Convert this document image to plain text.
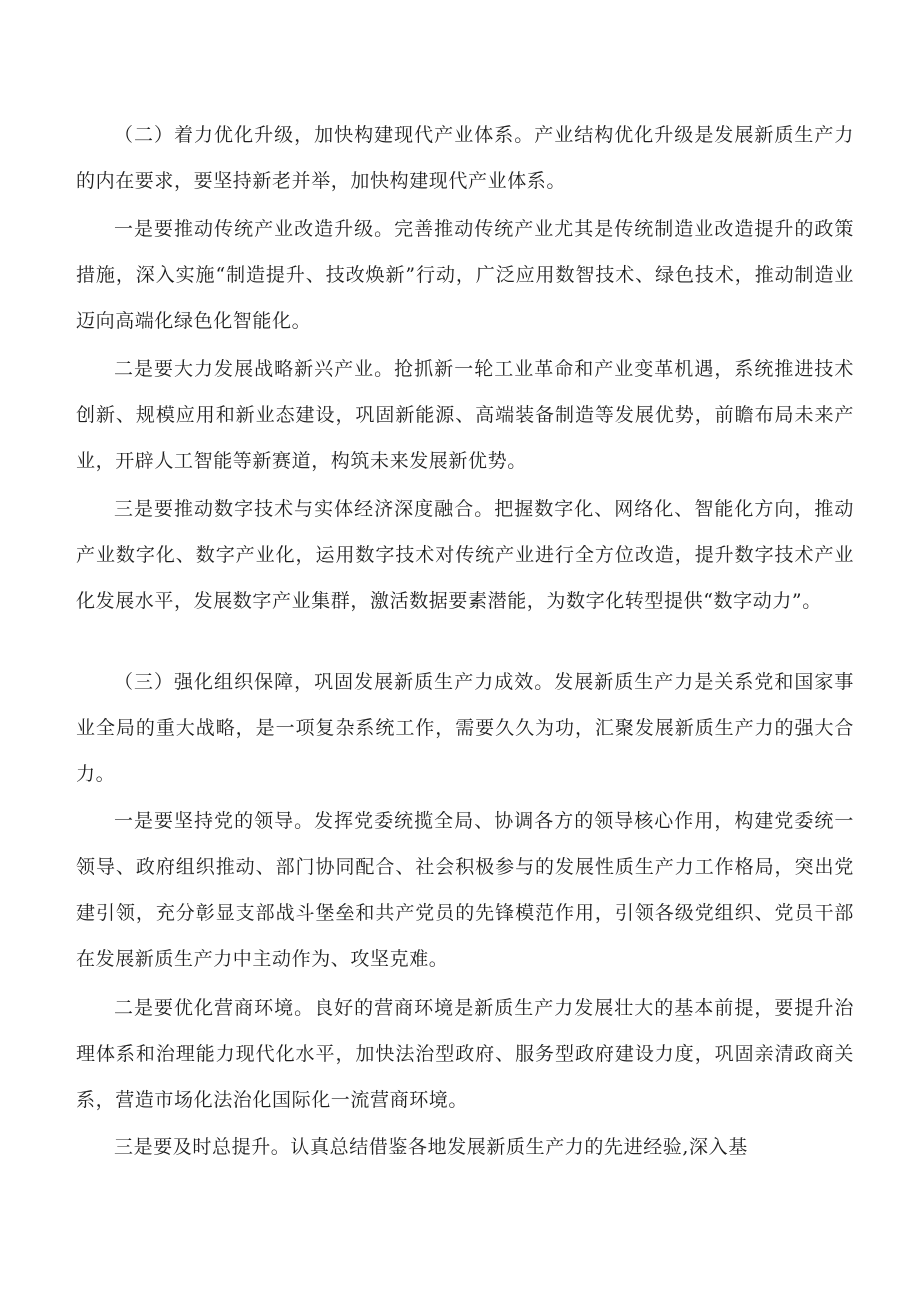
（二）着力优化升级，加快构建现代产业体系。产业结构优化升级是发展新质生产力的内在要求，要坚持新老并举，加快构建现代产业体系。

一是要推动传统产业改造升级。完善推动传统产业尤其是传统制造业改造提升的政策措施，深入实施“制造提升、技改焕新”行动，广泛应用数智技术、绿色技术，推动制造业迈向高端化绿色化智能化。

二是要大力发展战略新兴产业。抢抓新一轮工业革命和产业变革机遇，系统推进技术创新、规模应用和新业态建设，巩固新能源、高端装备制造等发展优势，前瞻布局未来产业，开辟人工智能等新赛道，构筑未来发展新优势。

三是要推动数字技术与实体经济深度融合。把握数字化、网络化、智能化方向，推动产业数字化、数字产业化，运用数字技术对传统产业进行全方位改造，提升数字技术产业化发展水平，发展数字产业集群，激活数据要素潜能，为数字化转型提供“数字动力”。

（三）强化组织保障，巩固发展新质生产力成效。发展新质生产力是关系党和国家事业全局的重大战略，是一项复杂系统工作，需要久久为功，汇聚发展新质生产力的强大合力。

一是要坚持党的领导。发挥党委统揽全局、协调各方的领导核心作用，构建党委统一领导、政府组织推动、部门协同配合、社会积极参与的发展性质生产力工作格局，突出党建引领，充分彰显支部战斗堡垒和共产党员的先锋模范作用，引领各级党组织、党员干部在发展新质生产力中主动作为、攻坚克难。

二是要优化营商环境。良好的营商环境是新质生产力发展壮大的基本前提，要提升治理体系和治理能力现代化水平，加快法治型政府、服务型政府建设力度，巩固亲清政商关系，营造市场化法治化国际化一流营商环境。

三是要及时总提升。认真总结借鉴各地发展新质生产力的先进经验,深入基
